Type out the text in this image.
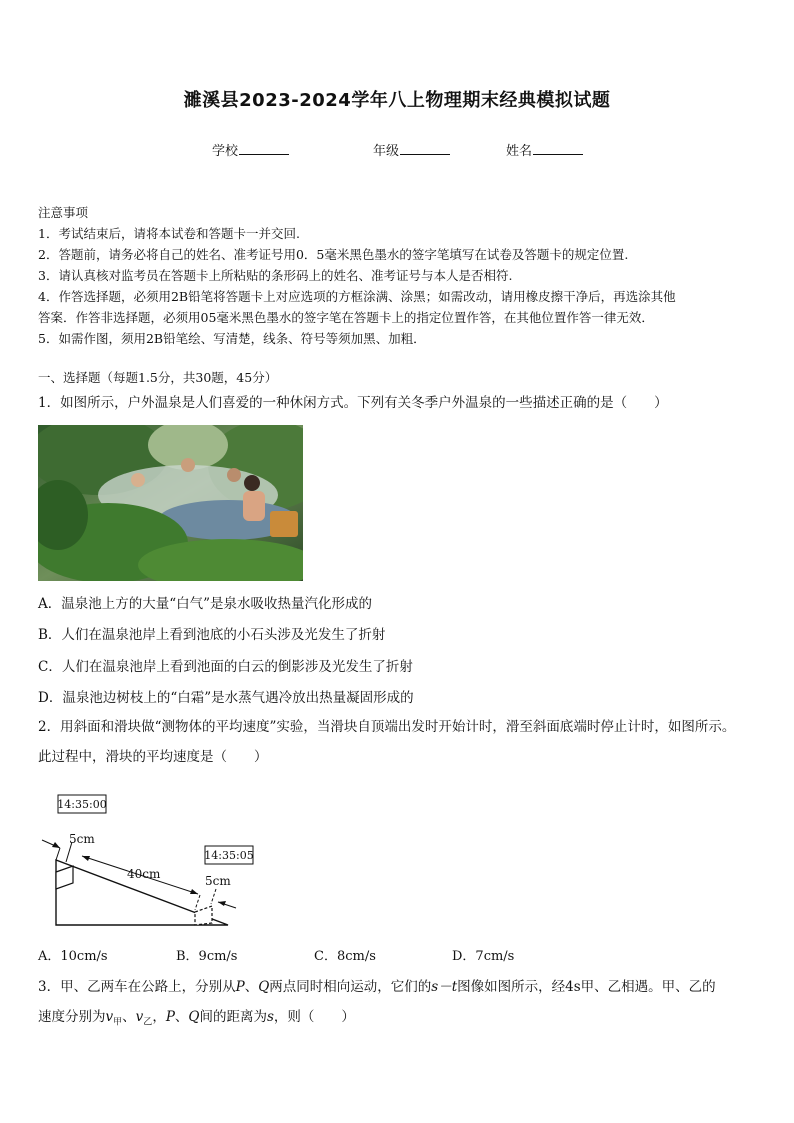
濉溪县2023-2024学年八上物理期末经典模拟试题
学校	年级	姓名

注意事项

1．考试结束后，请将本试卷和答题卡一并交回.

2．答题前，请务必将自己的姓名、准考证号用0．5毫米黑色墨水的签字笔填写在试卷及答题卡的规定位置.

3．请认真核对监考员在答题卡上所粘贴的条形码上的姓名、准考证号与本人是否相符.

4．作答选择题，必须用2B铅笔将答题卡上对应选项的方框涂满、涂黑；如需改动，请用橡皮擦干净后，再选涂其他

答案．作答非选择题，必须用05毫米黑色墨水的签字笔在答题卡上的指定位置作答，在其他位置作答一律无效．

5．如需作图，须用2B铅笔绘、写清楚，线条、符号等须加黑、加粗．

一、选择题（每题1.5分，共30题，45分）
1．如图所示，户外温泉是人们喜爱的一种休闲方式。下列有关冬季户外温泉的一些描述正确的是（　　）
A．温泉池上方的大量“白气”是泉水吸收热量汽化形成的
B．人们在温泉池岸上看到池底的小石头涉及光发生了折射
C．人们在温泉池岸上看到池面的白云的倒影涉及光发生了折射
D．温泉池边树枝上的“白霜”是水蒸气遇冷放出热量凝固形成的
2．用斜面和滑块做“测物体的平均速度”实验，当滑块自顶端出发时开始计时，滑至斜面底端时停止计时，如图所示。
此过程中，滑块的平均速度是（　　）
14:35:00
14:35:05
5cm
40cm	5cm
A．10cm/s	B．9cm/s	C．8cm/s	D．7cm/s
3．甲、乙两车在公路上，分别从P、Q两点同时相向运动，它们的s－t图像如图所示，经4s甲、乙相遇。甲、乙的
速度分别为$v_甲$、$v_乙$，P、Q间的距离为s，则（　　）
